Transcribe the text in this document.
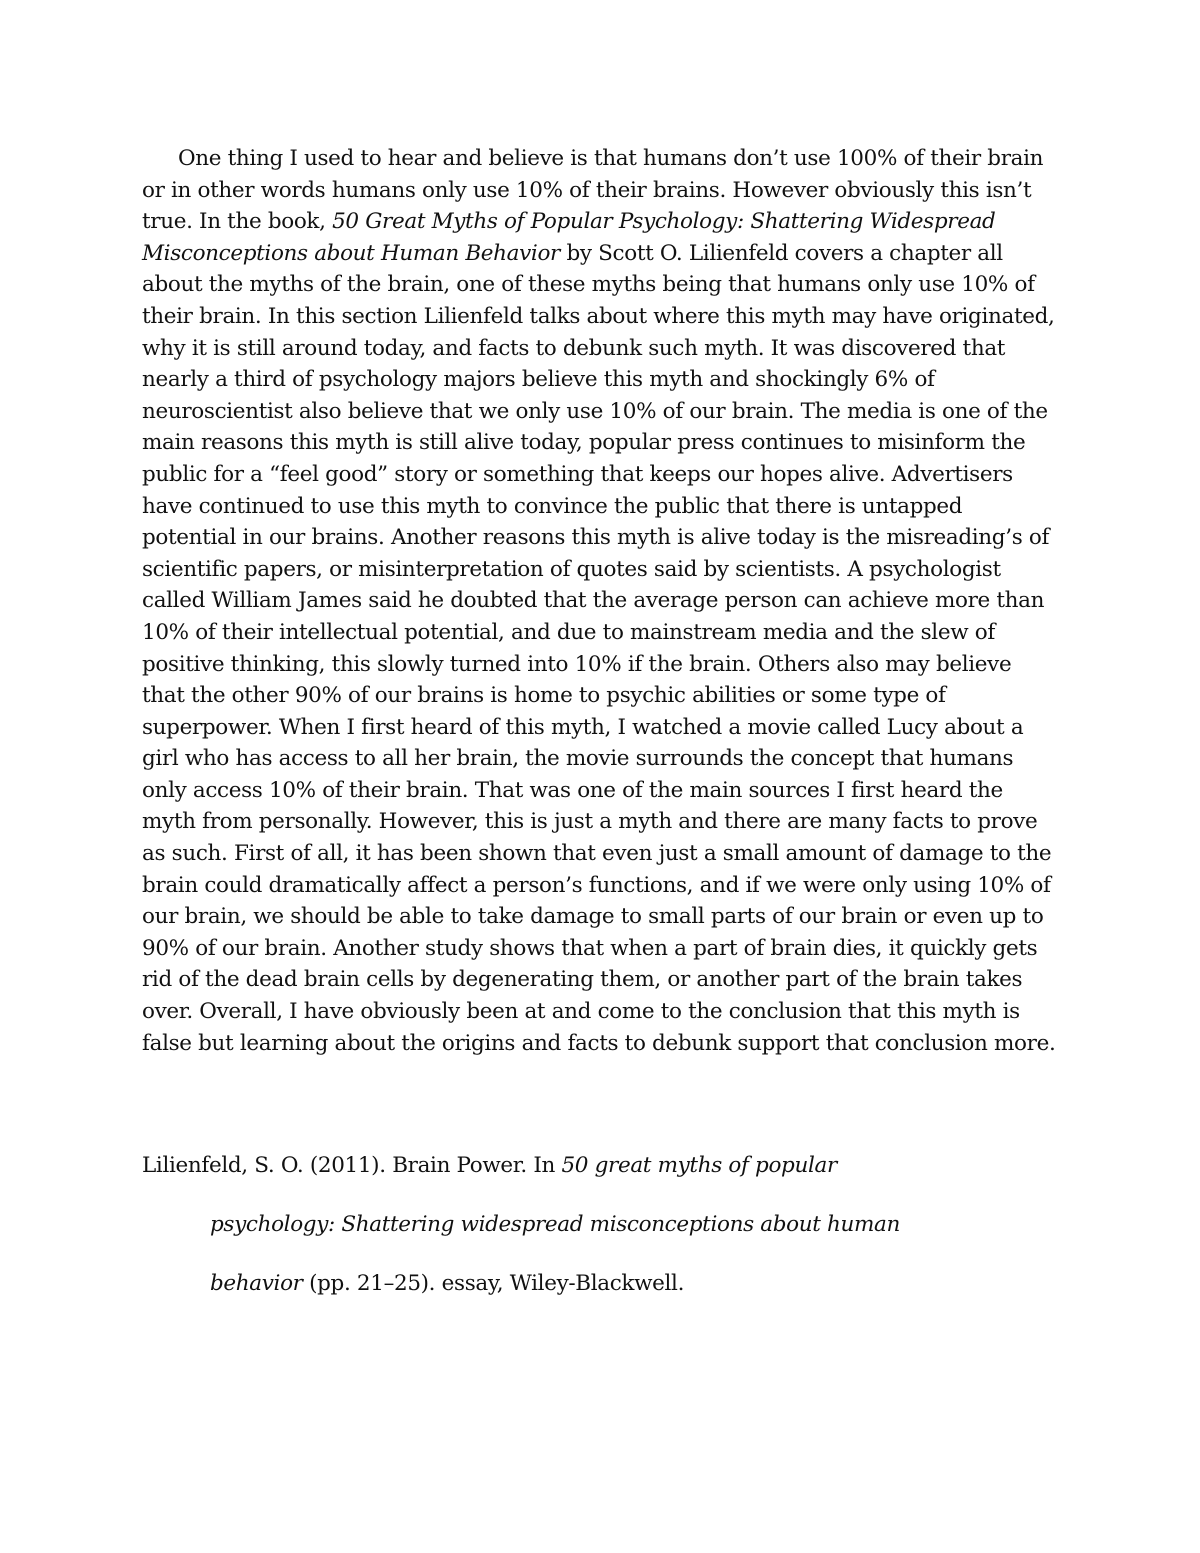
One thing I used to hear and believe is that humans don’t use 100% of their brain or in other words humans only use 10% of their brains. However obviously this isn’t true. In the book, 50 Great Myths of Popular Psychology: Shattering Widespread Misconceptions about Human Behavior by Scott O. Lilienfeld covers a chapter all about the myths of the brain, one of these myths being that humans only use 10% of their brain. In this section Lilienfeld talks about where this myth may have originated, why it is still around today, and facts to debunk such myth. It was discovered that nearly a third of psychology majors believe this myth and shockingly 6% of neuroscientist also believe that we only use 10% of our brain. The media is one of the main reasons this myth is still alive today, popular press continues to misinform the public for a “feel good” story or something that keeps our hopes alive. Advertisers have continued to use this myth to convince the public that there is untapped potential in our brains. Another reasons this myth is alive today is the misreading’s of scientific papers, or misinterpretation of quotes said by scientists. A psychologist called William James said he doubted that the average person can achieve more than 10% of their intellectual potential, and due to mainstream media and the slew of positive thinking, this slowly turned into 10% if the brain. Others also may believe that the other 90% of our brains is home to psychic abilities or some type of superpower. When I first heard of this myth, I watched a movie called Lucy about a girl who has access to all her brain, the movie surrounds the concept that humans only access 10% of their brain. That was one of the main sources I first heard the myth from personally. However, this is just a myth and there are many facts to prove as such. First of all, it has been shown that even just a small amount of damage to the brain could dramatically affect a person’s functions, and if we were only using 10% of our brain, we should be able to take damage to small parts of our brain or even up to 90% of our brain. Another study shows that when a part of brain dies, it quickly gets rid of the dead brain cells by degenerating them, or another part of the brain takes over. Overall, I have obviously been at and come to the conclusion that this myth is false but learning about the origins and facts to debunk support that conclusion more.

Lilienfeld, S. O. (2011). Brain Power. In 50 great myths of popular

psychology: Shattering widespread misconceptions about human

behavior (pp. 21–25). essay, Wiley-Blackwell.
